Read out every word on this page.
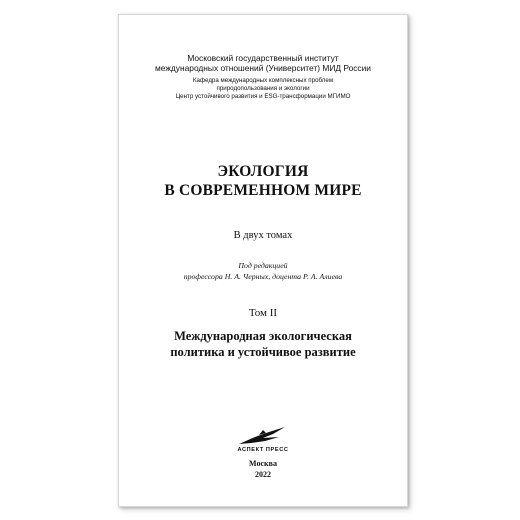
Московский государственный институт
международных отношений (Университет) МИД России
Кафедра международных комплексных проблем
природопользования и экологии
Центр устойчивого развития и ESG-трансформации МГИМО
ЭКОЛОГИЯ
В СОВРЕМЕННОМ МИРЕ
В двух томах
Под редакцией
профессора Н. А. Черных, доцента Р. А. Алиева
Том II
Международная экологическая
политика и устойчивое развитие
АСПЕКТ ПРЕСС
Москва
2022
